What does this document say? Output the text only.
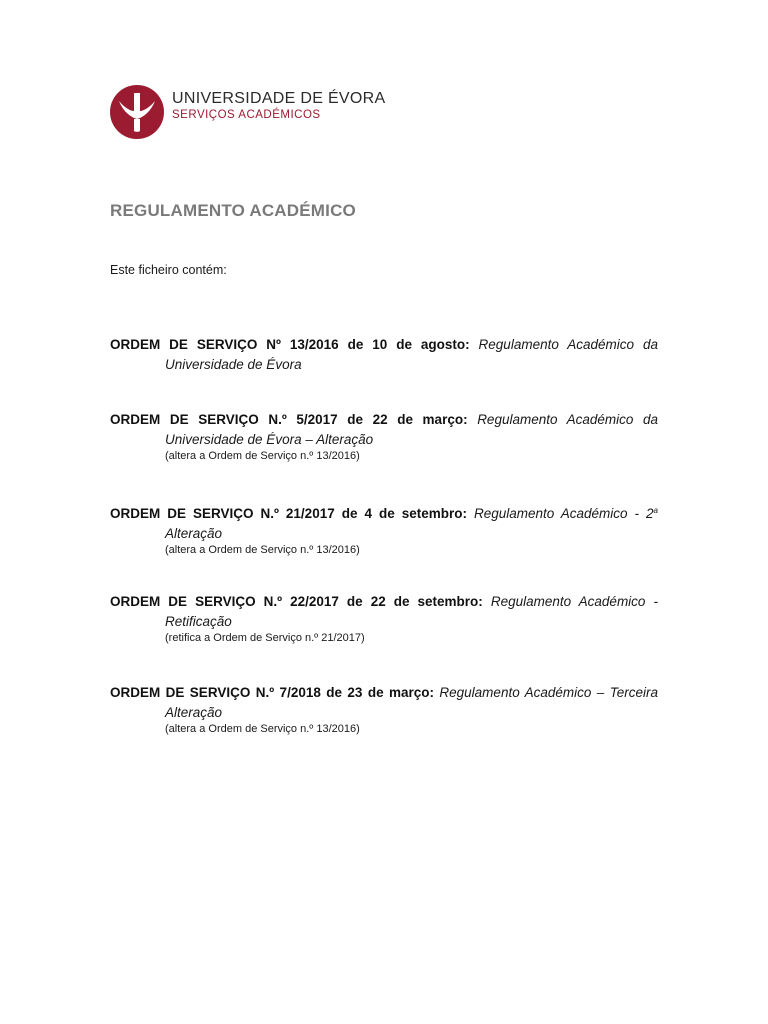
UNIVERSIDADE DE ÉVORA
SERVIÇOS ACADÉMICOS
REGULAMENTO ACADÉMICO
Este ficheiro contém:
ORDEM DE SERVIÇO Nº 13/2016 de 10 de agosto: Regulamento Académico da Universidade de Évora
ORDEM DE SERVIÇO N.º 5/2017 de 22 de março: Regulamento Académico da Universidade de Évora – Alteração
(altera a Ordem de Serviço n.º 13/2016)
ORDEM DE SERVIÇO N.º 21/2017 de 4 de setembro: Regulamento Académico - 2$^a$ Alteração
(altera a Ordem de Serviço n.º 13/2016)
ORDEM DE SERVIÇO N.º 22/2017 de 22 de setembro: Regulamento Académico - Retificação
(retifica a Ordem de Serviço n.º 21/2017)
ORDEM DE SERVIÇO N.º 7/2018 de 23 de março: Regulamento Académico – Terceira Alteração
(altera a Ordem de Serviço n.º 13/2016)
